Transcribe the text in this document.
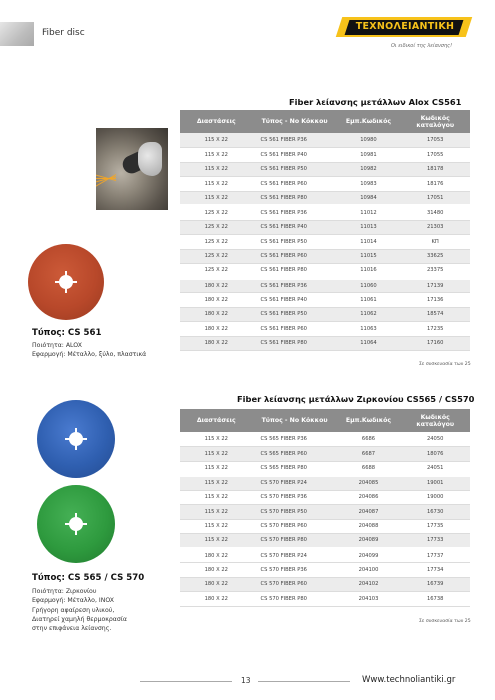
Fiber disc
ΤΕΧΝΟΛΕΙΑΝΤΙΚΗ
Οι ειδικοί της λείανσης!
Fiber λείανσης μετάλλων Alox CS561
Διαστάσεις	Τύπος - Νο Κόκκου	Εμπ.Κωδικός	Κωδικός καταλόγου
115 X 22	CS 561 FIBER P36	10980	17053
115 X 22	CS 561 FIBER P40	10981	17055
115 X 22	CS 561 FIBER P50	10982	18178
115 X 22	CS 561 FIBER P60	10983	18176
115 X 22	CS 561 FIBER P80	10984	17051
125 X 22	CS 561 FIBER P36	11012	31480
125 X 22	CS 561 FIBER P40	11013	21303
125 X 22	CS 561 FIBER P50	11014	ΚΠ
125 X 22	CS 561 FIBER P60	11015	33625
125 X 22	CS 561 FIBER P80	11016	23375
180 X 22	CS 561 FIBER P36	11060	17139
180 X 22	CS 561 FIBER P40	11061	17136
180 X 22	CS 561 FIBER P50	11062	18574
180 X 22	CS 561 FIBER P60	11063	17235
180 X 22	CS 561 FIBER P80	11064	17160
Σε συσκευασία των 25
Τύπος: CS 561
Ποιότητα: ALOX
Εφαρμογή: Μέταλλο, ξύλο, πλαστικά
Fiber λείανσης μετάλλων Ζιρκονίου CS565 / CS570
Διαστάσεις	Τύπος - Νο Κόκκου	Εμπ.Κωδικός	Κωδικός καταλόγου
115 X 22	CS 565 FIBER P36	6686	24050
115 X 22	CS 565 FIBER P60	6687	18076
115 X 22	CS 565 FIBER P80	6688	24051
115 X 22	CS 570 FIBER P24	204085	19001
115 X 22	CS 570 FIBER P36	204086	19000
115 X 22	CS 570 FIBER P50	204087	16730
115 X 22	CS 570 FIBER P60	204088	17735
115 X 22	CS 570 FIBER P80	204089	17733
180 X 22	CS 570 FIBER P24	204099	17737
180 X 22	CS 570 FIBER P36	204100	17734
180 X 22	CS 570 FIBER P60	204102	16739
180 X 22	CS 570 FIBER P80	204103	16738
Σε συσκευασία των 25
Τύπος: CS 565 / CS 570
Ποιότητα: Ζιρκονίου
Εφαρμογή: Μέταλλο, INOX
Γρήγορη αφαίρεση υλικού,
Διατηρεί χαμηλή θερμοκρασία
στην επιφάνεια λείανσης.
13	Www.technoliantiki.gr
